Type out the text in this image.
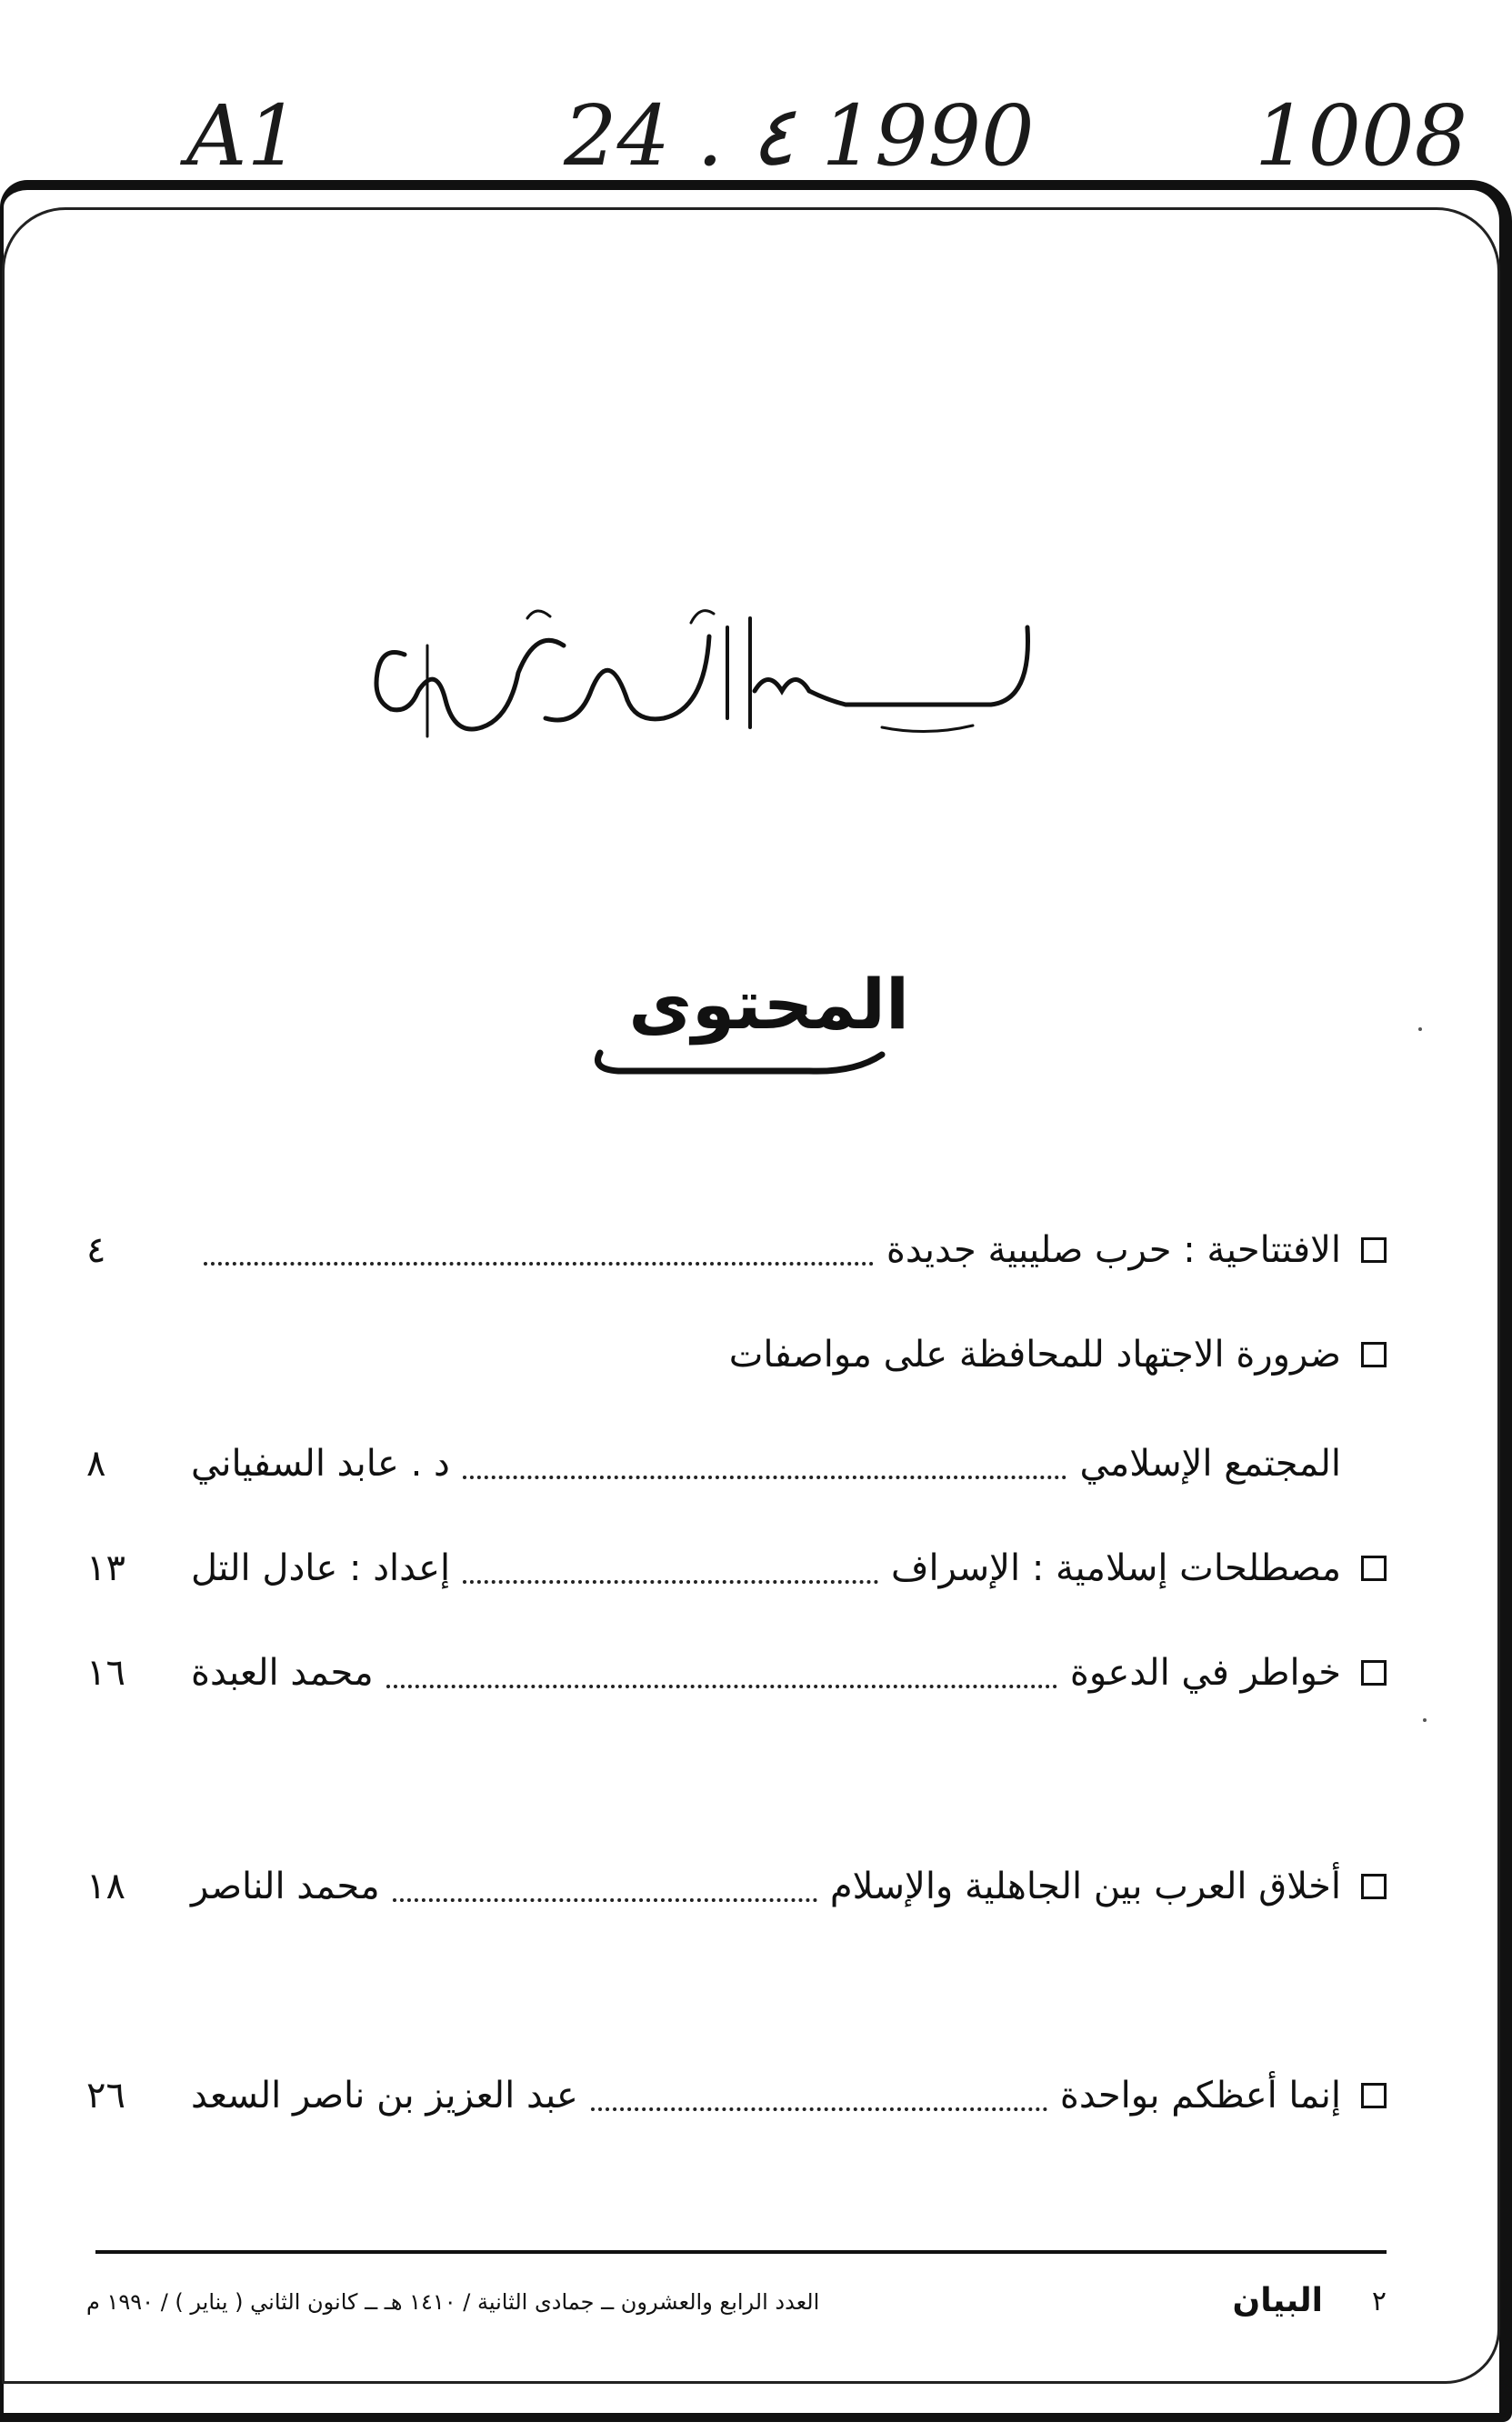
A1	24 . ٤ 1990	1008
المحتوى
الافتتاحية : حرب صليبية جديدة
٤
ضرورة الاجتهاد للمحافظة على مواصفات
المجتمع الإسلامي
د . عابد السفياني
٨
مصطلحات إسلامية : الإسراف
إعداد : عادل التل
١٣
خواطر في الدعوة
محمد العبدة
١٦
أخلاق العرب بين الجاهلية والإسلام
محمد الناصر
١٨
إنما أعظكم بواحدة
عبد العزيز بن ناصر السعد
٢٦
٢
البيان
العدد الرابع والعشرون ــ جمادى الثانية / ١٤١٠ هـ ــ كانون الثاني ( يناير ) / ١٩٩٠ م
